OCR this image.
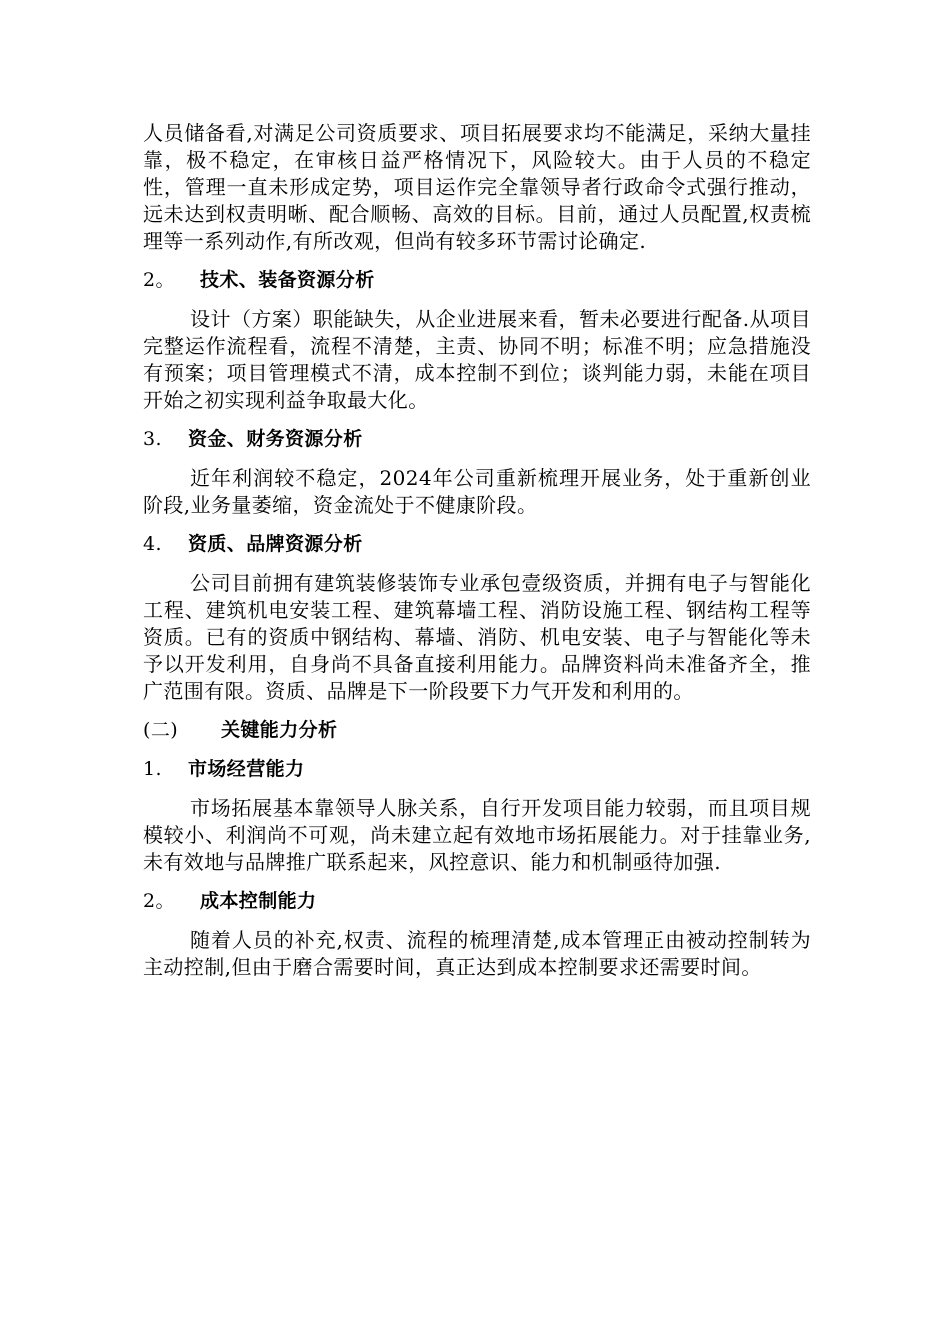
人员储备看,对满足公司资质要求、项目拓展要求均不能满足，采纳大量挂靠，极不稳定，在审核日益严格情况下，风险较大。由于人员的不稳定性，管理一直未形成定势，项目运作完全靠领导者行政命令式强行推动，远未达到权责明晰、配合顺畅、高效的目标。目前，通过人员配置,权责梳理等一系列动作,有所改观，但尚有较多环节需讨论确定.

2。 技术、装备资源分析

设计（方案）职能缺失，从企业进展来看，暂未必要进行配备.从项目完整运作流程看，流程不清楚，主责、协同不明；标准不明；应急措施没有预案；项目管理模式不清，成本控制不到位；谈判能力弱，未能在项目开始之初实现利益争取最大化。

3. 资金、财务资源分析

近年利润较不稳定，2024年公司重新梳理开展业务，处于重新创业阶段,业务量萎缩，资金流处于不健康阶段。

4. 资质、品牌资源分析

公司目前拥有建筑装修装饰专业承包壹级资质，并拥有电子与智能化工程、建筑机电安装工程、建筑幕墙工程、消防设施工程、钢结构工程等资质。已有的资质中钢结构、幕墙、消防、机电安装、电子与智能化等未予以开发利用，自身尚不具备直接利用能力。品牌资料尚未准备齐全，推广范围有限。资质、品牌是下一阶段要下力气开发和利用的。

(二) 关键能力分析
1. 市场经营能力

市场拓展基本靠领导人脉关系，自行开发项目能力较弱，而且项目规模较小、利润尚不可观，尚未建立起有效地市场拓展能力。对于挂靠业务,未有效地与品牌推广联系起来，风控意识、能力和机制亟待加强.

2。 成本控制能力

随着人员的补充,权责、流程的梳理清楚,成本管理正由被动控制转为主动控制,但由于磨合需要时间，真正达到成本控制要求还需要时间。
